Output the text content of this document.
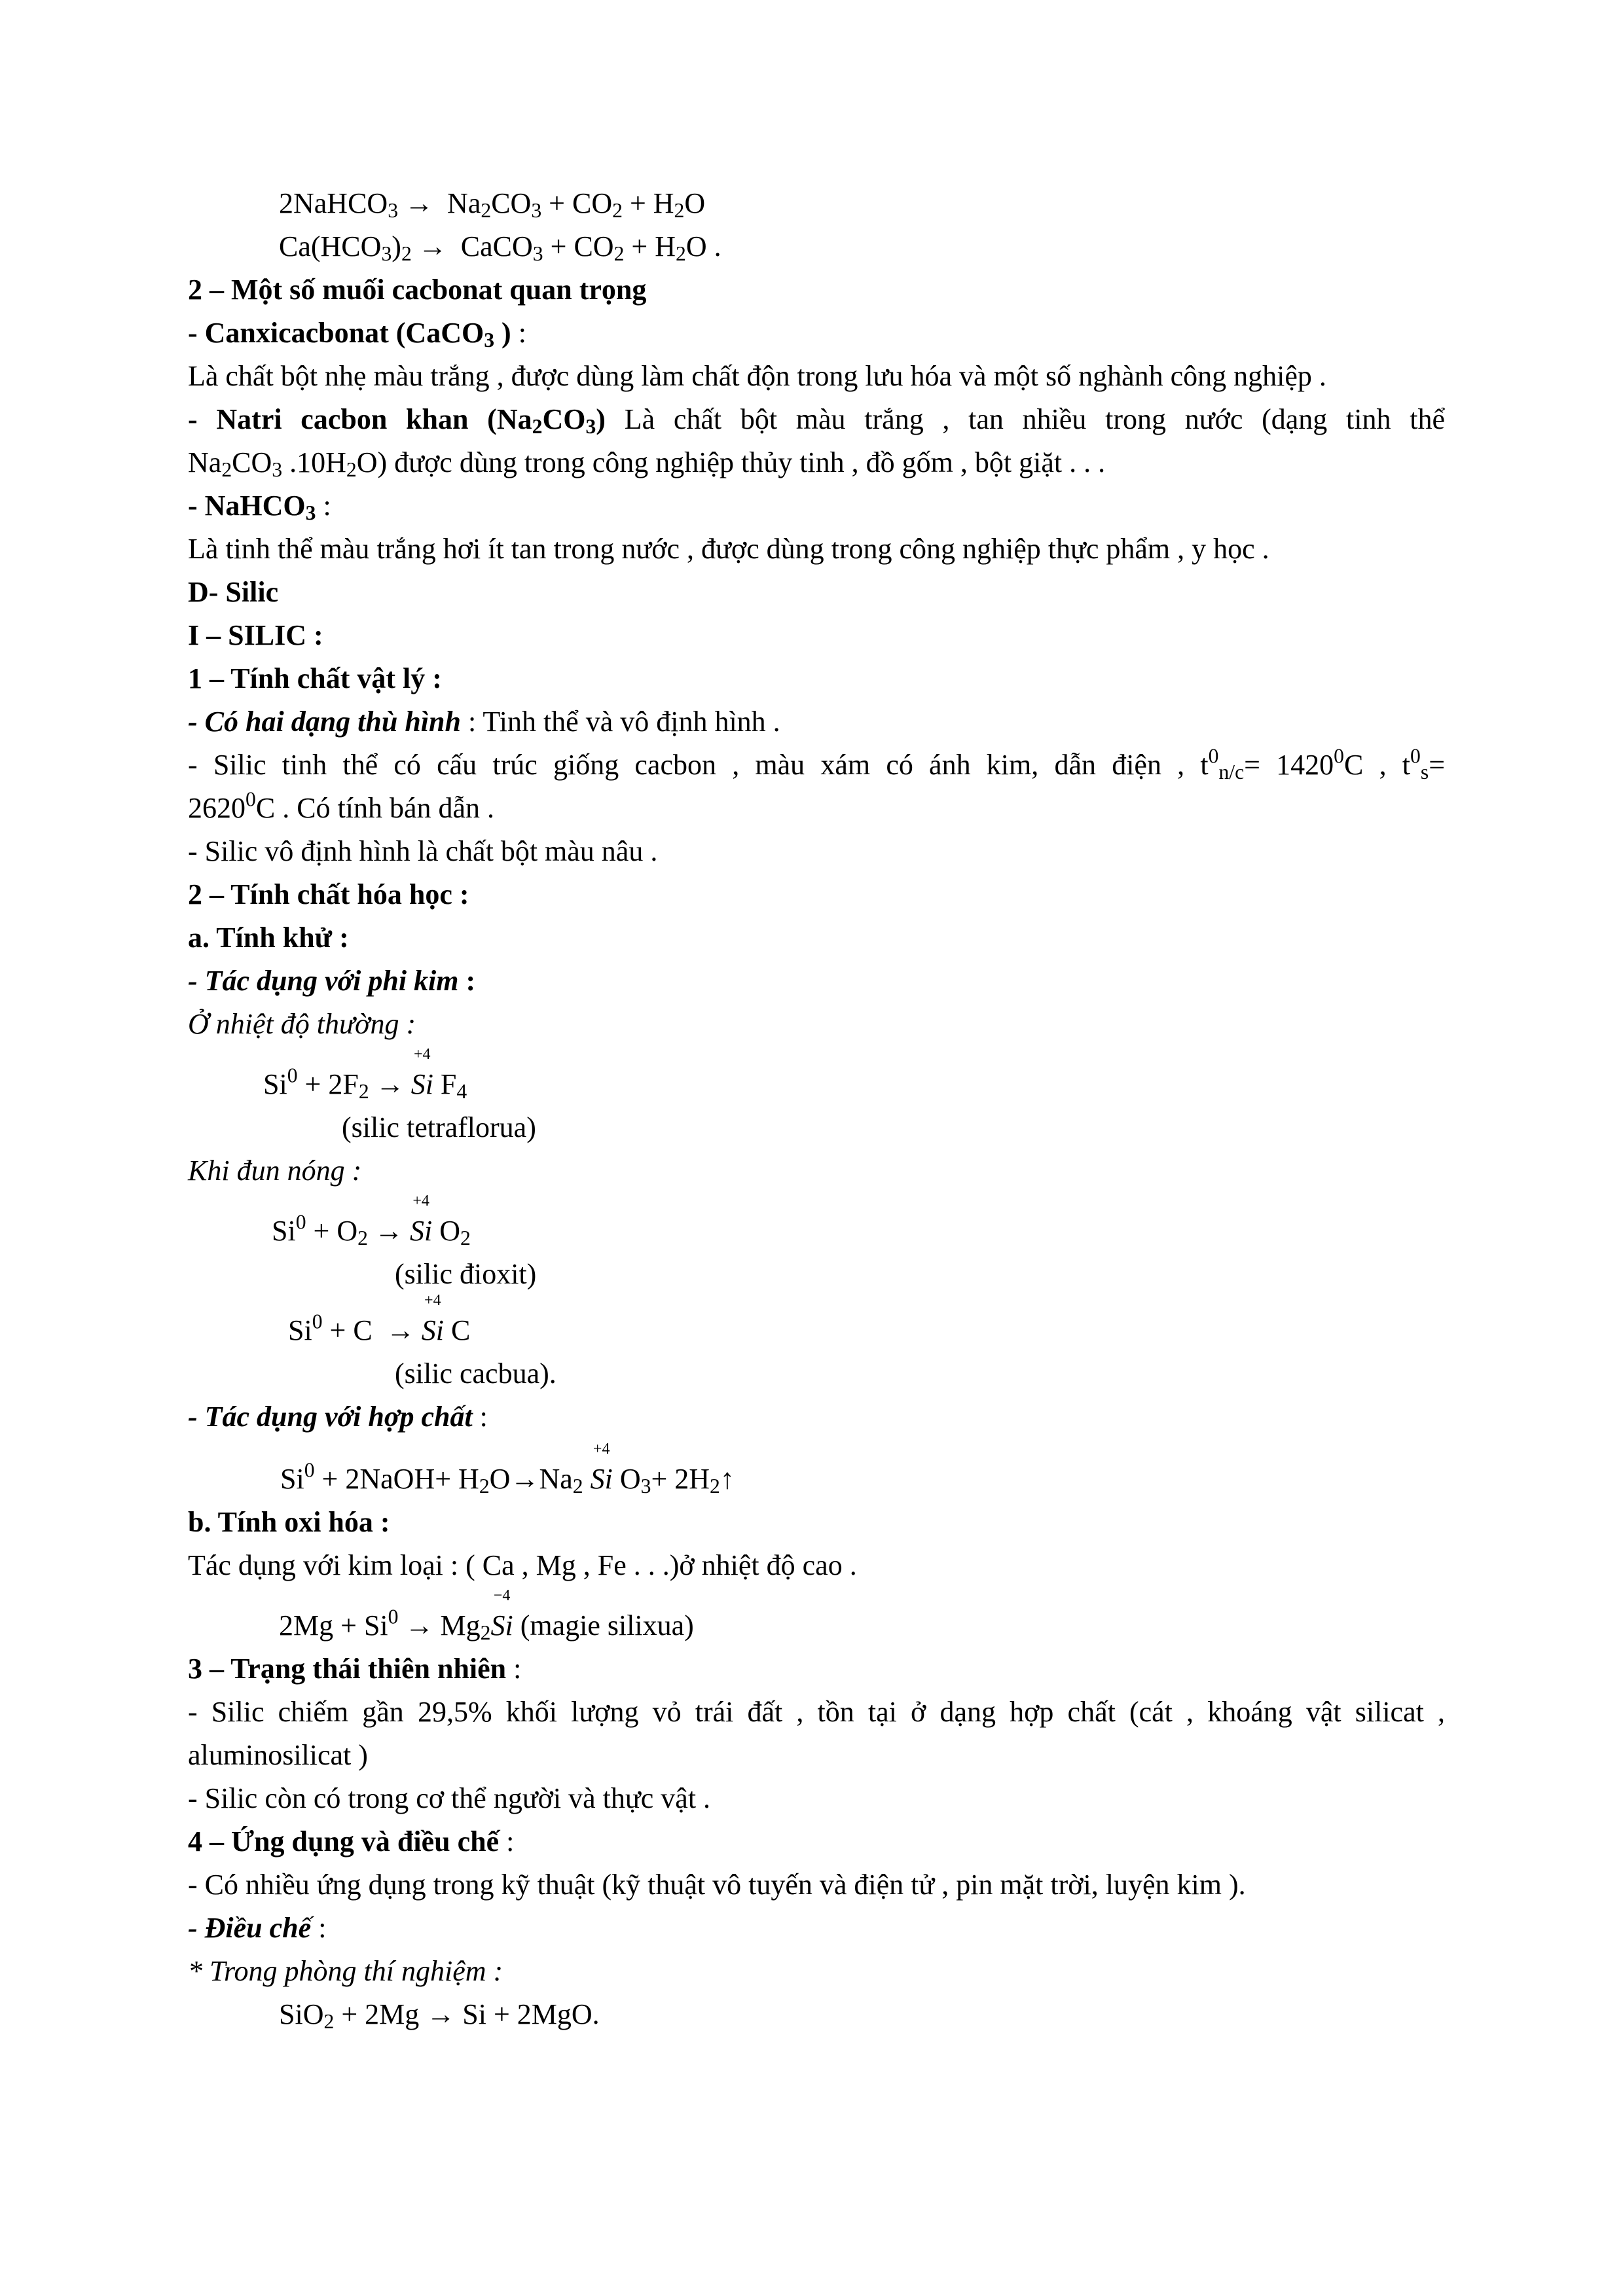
2NaHCO$_3$ → $Na_2CO_3 + CO_2 + H_2O$
$Ca(HCO_3)_2$ → CaCO$_3$ + $CO_2 + H_2O$ .
2 – Một số muối cacbonat quan trọng
- Canxicacbonat (CaCO$_3$ ) :
Là chất bột nhẹ màu trắng , được dùng làm chất độn trong lưu hóa và một số nghành công nghiệp .
- Natri cacbon khan $(Na_2CO_3)$ Là chất bột màu trắng , tan nhiều trong nước (dạng tinh thể
$Na_2CO_3$ $.10H_2O$) được dùng trong công nghiệp thủy tinh , đồ gốm , bột giặt . . .
- NaHCO$_3$ :
Là tinh thể màu trắng hơi ít tan trong nước , được dùng trong công nghiệp thực phẩm , y học .
D- Silic
I – SILIC :
1 – Tính chất vật lý :
- Có hai dạng thù hình : Tinh thể và vô định hình .
- Silic tinh thể có cấu trúc giống cacbon , màu xám có ánh kim, dẫn điện , $t^0_{n/c}= 1420^0C$ , $t^0_s=$
$2620^0C$ . Có tính bán dẫn .
- Silic vô định hình là chất bột màu nâu .
2 – Tính chất hóa học :
a. Tính khử :
- Tác dụng với phi kim :
Ở nhiệt độ thường :
$Si^0 + 2F_2$ →
+4
Si $F_4$
(silic tetraflorua)
Khi đun nóng :
$Si^0 + O_2$ →
+4
Si $O_2$
(silic đioxit)
$Si^0 + C$ →
+4
Si C
(silic cacbua).
- Tác dụng với hợp chất :
$Si^0$ + 2NaOH+ $H_2O\to Na_2$
+4
Si $O_3+$ $2H_2↑$
b. Tính oxi hóa :
Tác dụng với kim loại : ( Ca , Mg , Fe . . .)ở nhiệt độ cao .
$2Mg + Si^0 \to Mg_2$
−4
Si (magie silixua)
3 – Trạng thái thiên nhiên :
- Silic chiếm gần 29,5% khối lượng vỏ trái đất , tồn tại ở dạng hợp chất (cát , khoáng vật silicat ,
aluminosilicat )
- Silic còn có trong cơ thể người và thực vật .
4 – Ứng dụng và điều chế :
- Có nhiều ứng dụng trong kỹ thuật (kỹ thuật vô tuyến và điện tử , pin mặt trời, luyện kim ).
- Điều chế :
* Trong phòng thí nghiệm :
SiO$_2$ + 2Mg → Si + 2MgO.
